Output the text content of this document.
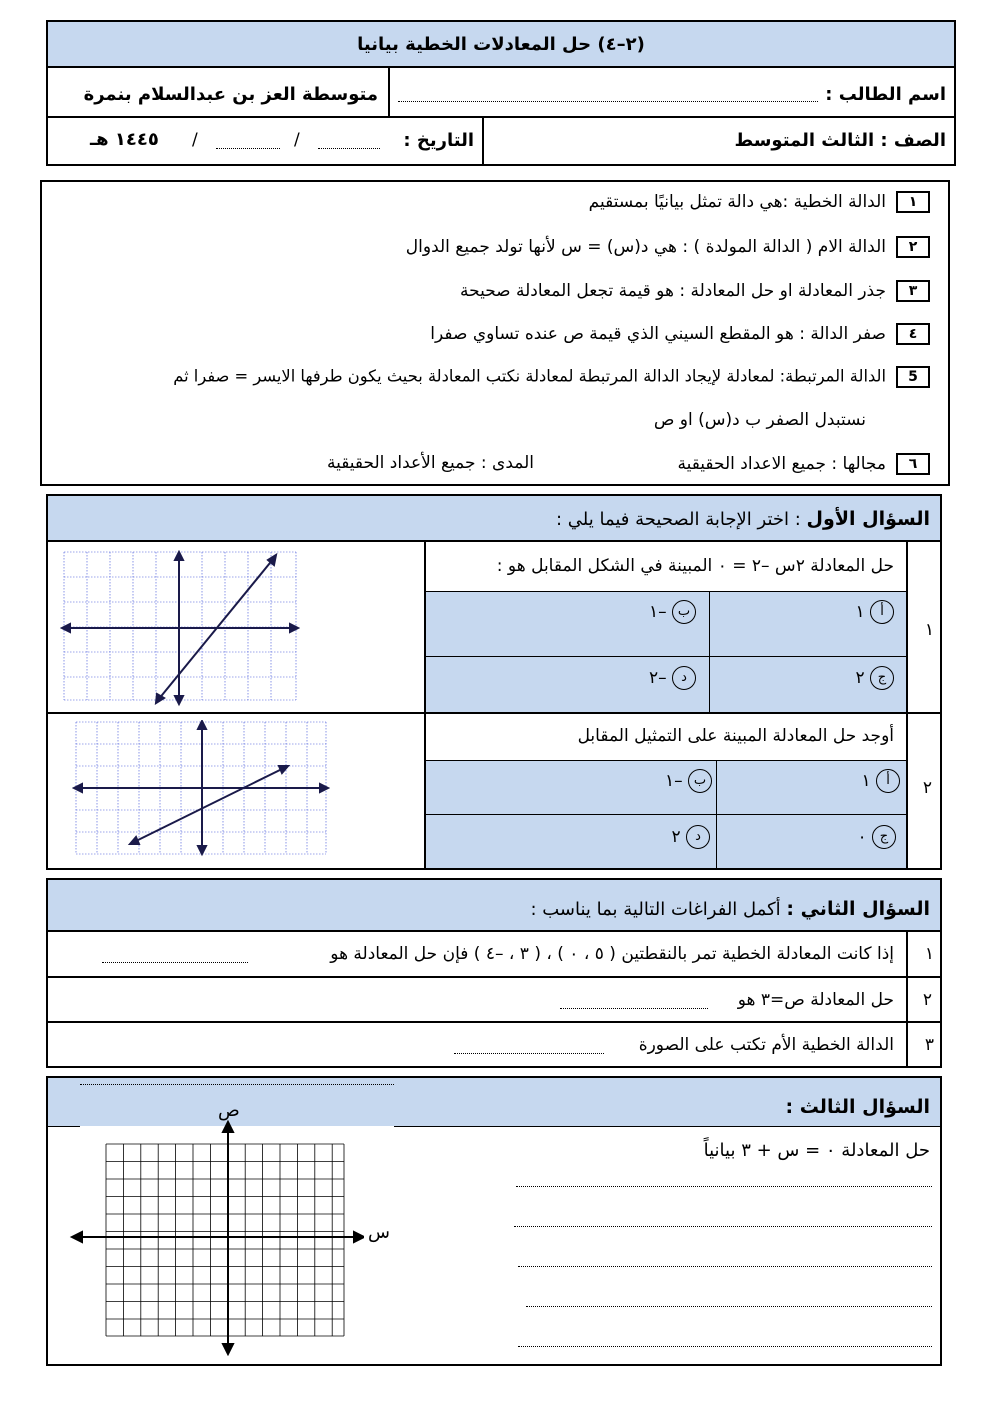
(٢–٤) حل المعادلات الخطية بيانيا
اسم الطالب :
متوسطة العز بن عبدالسلام بنمرة
الصف : الثالث المتوسط
التاريخ :
/
/
١٤٤٥ هـ
١الدالة الخطية :هي دالة تمثل بيانيًا بمستقيم
٢الدالة الام ( الدالة المولدة ) : هي د(س) = س لأنها تولد جميع الدوال
٣جذر المعادلة او حل المعادلة : هو قيمة تجعل المعادلة صحيحة
٤صفر الدالة : هو المقطع السيني الذي قيمة ص عنده تساوي صفرا
5الدالة المرتبطة: لمعادلة لإيجاد الدالة المرتبطة لمعادلة نكتب المعادلة بحيث يكون طرفها الايسر = صفرا ثم
نستبدل الصفر ب د(س) او ص
٦مجالها : جميع الاعداد الحقيقية
المدى : جميع الأعداد الحقيقية
السؤال الأول : اختر الإجابة الصحيحة فيما يلي :
١
حل المعادلة ٢س –٢ = ٠ المبينة في الشكل المقابل هو :
أ ١
ب –١
ج ٢
د –٢
٢
أوجد حل المعادلة المبينة على التمثيل المقابل
أ ١
ب –١
ج ٠
د ٢
السؤال الثاني : أكمل الفراغات التالية بما يناسب :
١
إذا كانت المعادلة الخطية تمر بالنقطتين ( ٥ ، ٠ ) ، ( ٣ ، –٤ ) فإن حل المعادلة هو
٢
حل المعادلة ص=٣ هو
٣
الدالة الخطية الأم تكتب على الصورة
السؤال الثالث :
حل المعادلة ٠ = س + ٣ بيانياً
ص
س
